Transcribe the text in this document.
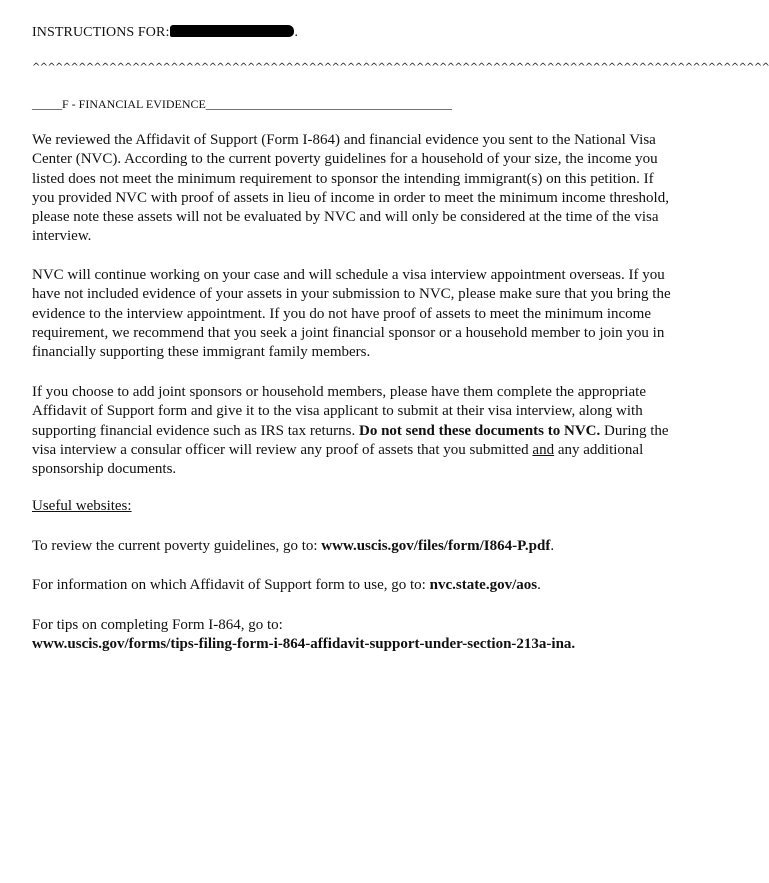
INSTRUCTIONS FOR:	.
^^^^^^^^^^^^^^^^^^^^^^^^^^^^^^^^^^^^^^^^^^^^^^^^^^^^^^^^^^^^^^^^^^^^^^^^^^^^^^^^^^^^^^^^^^^^^^^^
_____F - FINANCIAL EVIDENCE_________________________________________

We reviewed the Affidavit of Support (Form I-864) and financial evidence you sent to the National Visa Center (NVC). According to the current poverty guidelines for a household of your size, the income you listed does not meet the minimum requirement to sponsor the intending immigrant(s) on this petition. If you provided NVC with proof of assets in lieu of income in order to meet the minimum income threshold, please note these assets will not be evaluated by NVC and will only be considered at the time of the visa interview.

NVC will continue working on your case and will schedule a visa interview appointment overseas. If you have not included evidence of your assets in your submission to NVC, please make sure that you bring the evidence to the interview appointment. If you do not have proof of assets to meet the minimum income requirement, we recommend that you seek a joint financial sponsor or a household member to join you in financially supporting these immigrant family members.

If you choose to add joint sponsors or household members, please have them complete the appropriate Affidavit of Support form and give it to the visa applicant to submit at their visa interview, along with supporting financial evidence such as IRS tax returns. Do not send these documents to NVC. During the visa interview a consular officer will review any proof of assets that you submitted and any additional sponsorship documents.

Useful websites:
To review the current poverty guidelines, go to: www.uscis.gov/files/form/I864-P.pdf.
For information on which Affidavit of Support form to use, go to: nvc.state.gov/aos.
For tips on completing Form I-864, go to:
www.uscis.gov/forms/tips-filing-form-i-864-affidavit-support-under-section-213a-ina.
